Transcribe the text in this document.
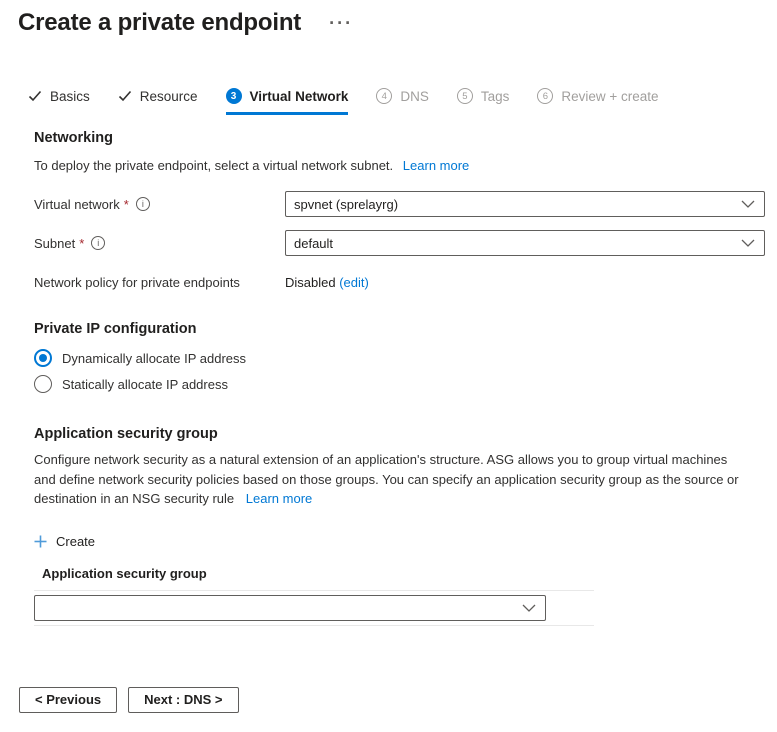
Create a private endpoint ···
Basics	Resource	3 Virtual Network	4 DNS	5 Tags	6 Review + create
Networking
To deploy the private endpoint, select a virtual network subnet. Learn more
Virtual network *	i	spvnet (sprelayrg)
Subnet *	i	default
Network policy for private endpoints	Disabled (edit)
Private IP configuration
Dynamically allocate IP address
Statically allocate IP address
Application security group
Configure network security as a natural extension of an application's structure. ASG allows you to group virtual machines and define network security policies based on those groups. You can specify an application security group as the source or destination in an NSG security rule Learn more
Create
Application security group
< Previous	Next : DNS >
